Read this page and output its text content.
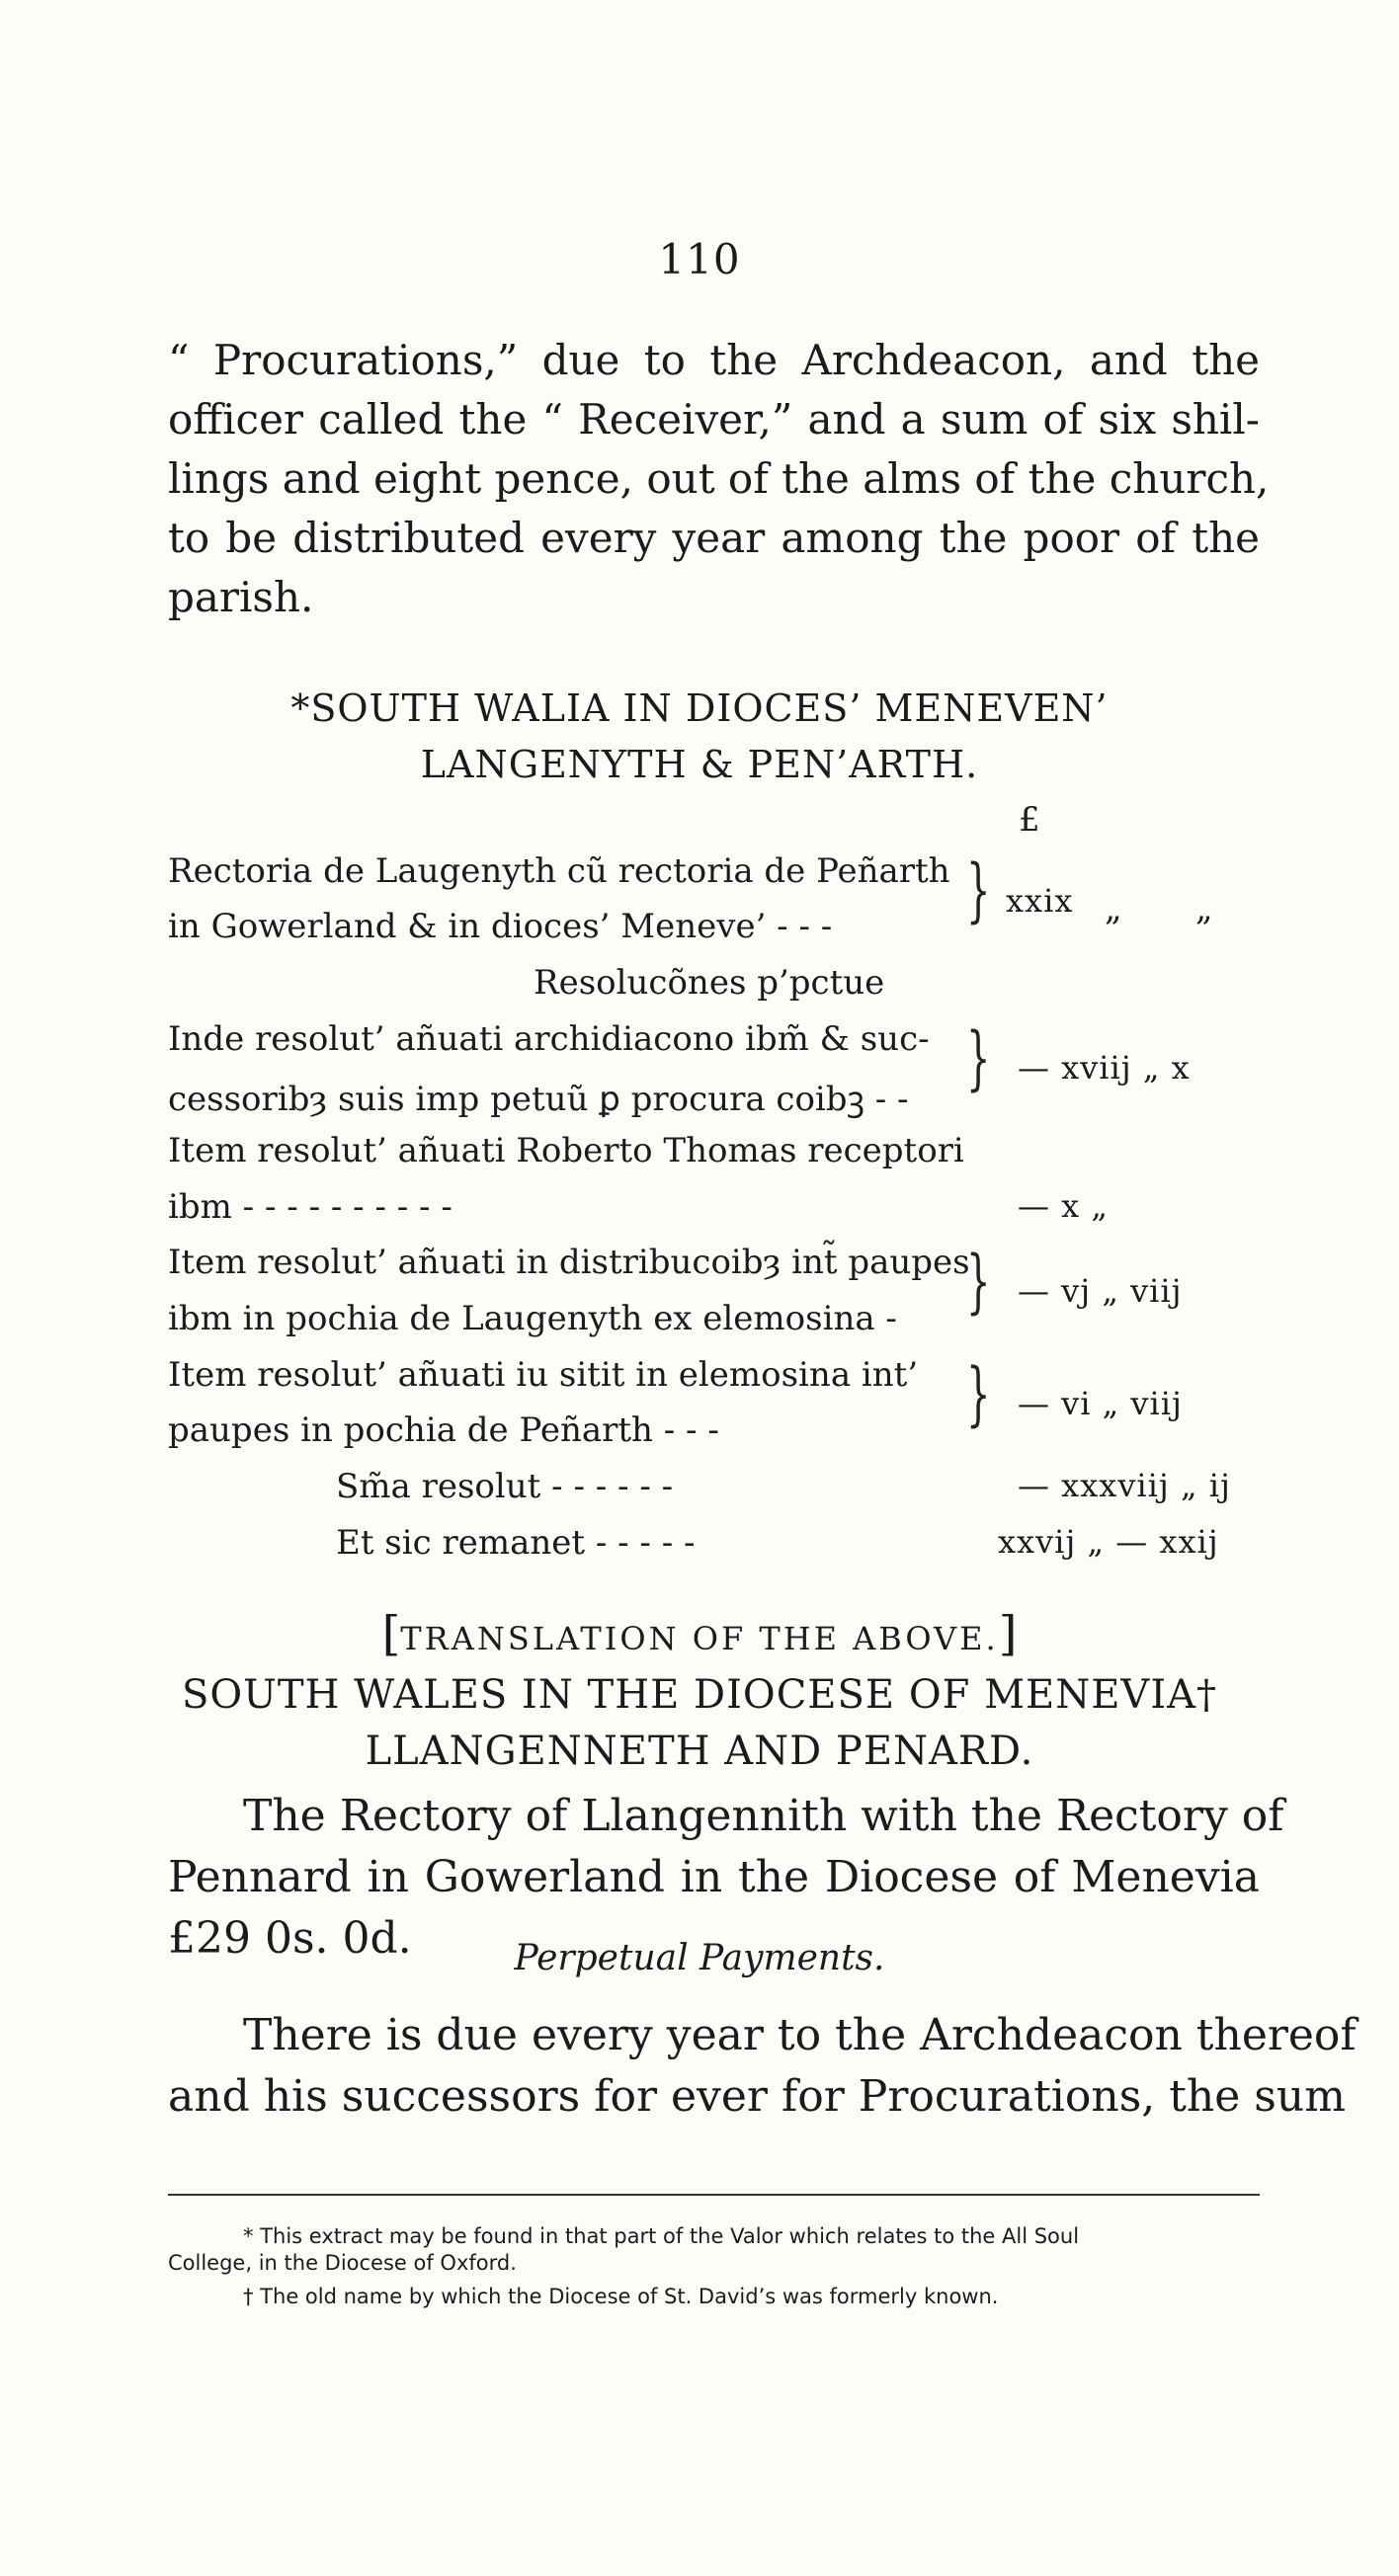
110
“ Procurations,” due to the Archdeacon, and the
officer called the “ Receiver,” and a sum of six shil-
lings and eight pence, out of the alms of the church,
to be distributed every year among the poor of the
parish.
*SOUTH WALIA IN DIOCES’ MENEVEN’
LANGENYTH & PEN’ARTH.
£
Rectoria de Laugenyth cũ rectoria de Peñarth
in Gowerland & in dioces’ Meneve’ - - - } xxix „ „
Resolucõnes p’pctue
Inde resolut’ añuati archidiacono ibm̃ & suc-
cessoribȝ suis imp petuũ ꝑ procura coibꝫ - -
} — xviij „ x
Item resolut’ añuati Roberto Thomas receptori
ibm - - - - - - - - - -	— x „
Item resolut’ añuati in distribucoibȝ int̃ paupes
ibm in pochia de Laugenyth ex elemosina - } — vj „ viij
Item resolut’ añuati iu sitit in elemosina int’
paupes in pochia de Peñarth - - -	} — vi „ viij
Sm̃a resolut - - - - - -	— xxxviij „ ij
Et sic remanet - - - - -	xxvij „ — xxij
[TRANSLATION OF THE ABOVE.]
SOUTH WALES IN THE DIOCESE OF MENEVIA†
LLANGENNETH AND PENARD.
The Rectory of Llangennith with the Rectory of
Pennard in Gowerland in the Diocese of Menevia
£29 0s. 0d.	Perpetual Payments.
There is due every year to the Archdeacon thereof
and his successors for ever for Procurations, the sum
* This extract may be found in that part of the Valor which relates to the All Soul
College, in the Diocese of Oxford.
† The old name by which the Diocese of St. David’s was formerly known.
